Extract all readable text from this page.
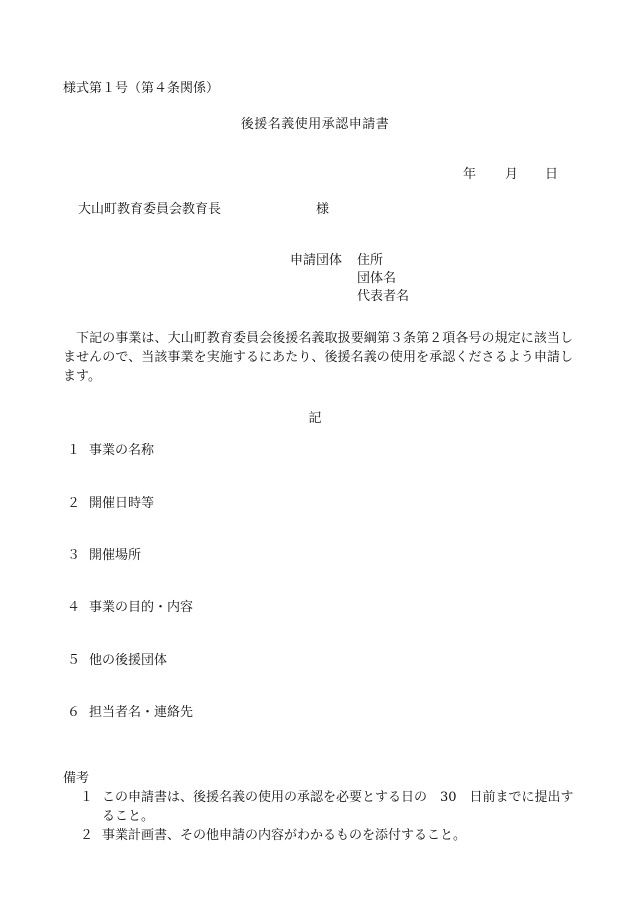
様式第１号（第４条関係）
後援名義使用承認申請書
年 月 日
大山町教育委員会教育長	様
申請団体 住所
団体名
代表者名
下記の事業は、大山町教育委員会後援名義取扱要綱第３条第２項各号の規定に該当しませんので、当該事業を実施するにあたり、後援名義の使用を承認くださるよう申請します。
記
１ 事業の名称
２ 開催日時等
３ 開催場所
４ 事業の目的・内容
５ 他の後援団体
６ 担当者名・連絡先
備考
１ この申請書は、後援名義の使用の承認を必要とする日の　30　日前までに提出すること。
２ 事業計画書、その他申請の内容がわかるものを添付すること。
